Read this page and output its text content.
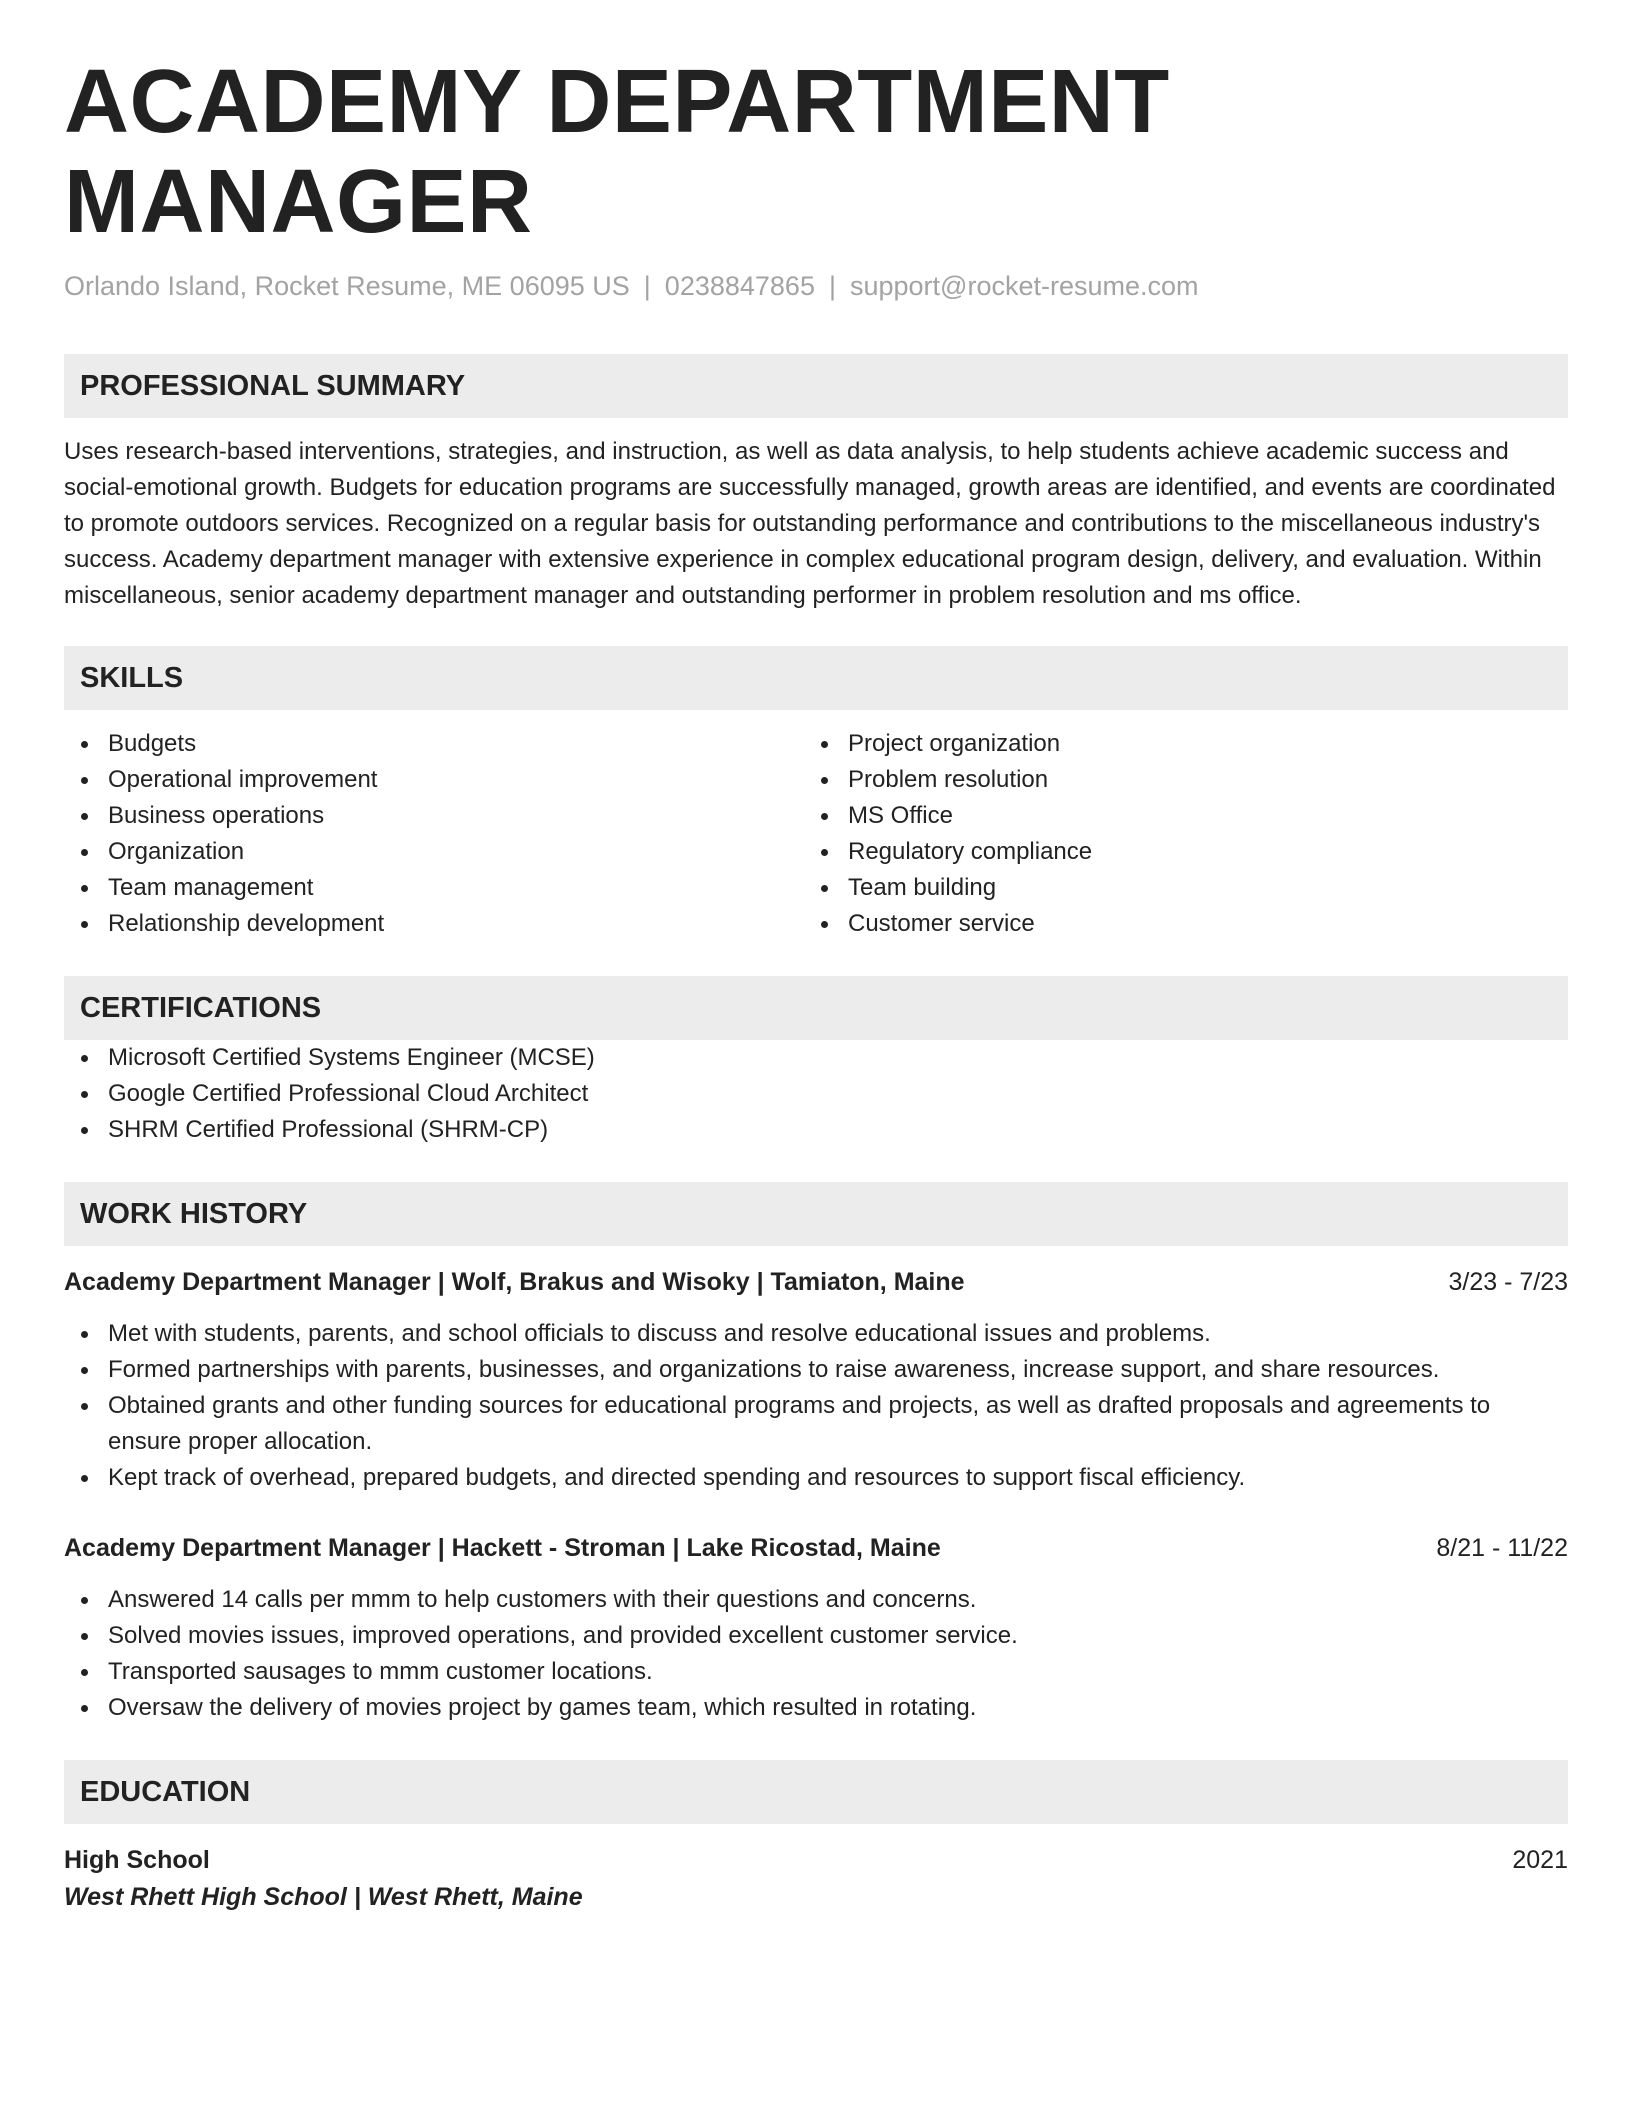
ACADEMY DEPARTMENT MANAGER
Orlando Island, Rocket Resume, ME 06095 US | 0238847865 | support@rocket-resume.com
PROFESSIONAL SUMMARY

Uses research-based interventions, strategies, and instruction, as well as data analysis, to help students achieve academic success and social-emotional growth. Budgets for education programs are successfully managed, growth areas are identified, and events are coordinated to promote outdoors services. Recognized on a regular basis for outstanding performance and contributions to the miscellaneous industry's success. Academy department manager with extensive experience in complex educational program design, delivery, and evaluation. Within miscellaneous, senior academy department manager and outstanding performer in problem resolution and ms office.

SKILLS
Budgets
Operational improvement
Business operations
Organization
Team management
Relationship development
Project organization
Problem resolution
MS Office
Regulatory compliance
Team building
Customer service
CERTIFICATIONS
Microsoft Certified Systems Engineer (MCSE)
Google Certified Professional Cloud Architect
SHRM Certified Professional (SHRM-CP)
WORK HISTORY
Academy Department Manager | Wolf, Brakus and Wisoky | Tamiaton, Maine	3/23 - 7/23
Met with students, parents, and school officials to discuss and resolve educational issues and problems.
Formed partnerships with parents, businesses, and organizations to raise awareness, increase support, and share resources.
Obtained grants and other funding sources for educational programs and projects, as well as drafted proposals and agreements to ensure proper allocation.
Kept track of overhead, prepared budgets, and directed spending and resources to support fiscal efficiency.
Academy Department Manager | Hackett - Stroman | Lake Ricostad, Maine	8/21 - 11/22
Answered 14 calls per mmm to help customers with their questions and concerns.
Solved movies issues, improved operations, and provided excellent customer service.
Transported sausages to mmm customer locations.
Oversaw the delivery of movies project by games team, which resulted in rotating.
EDUCATION
High School	2021
West Rhett High School | West Rhett, Maine
